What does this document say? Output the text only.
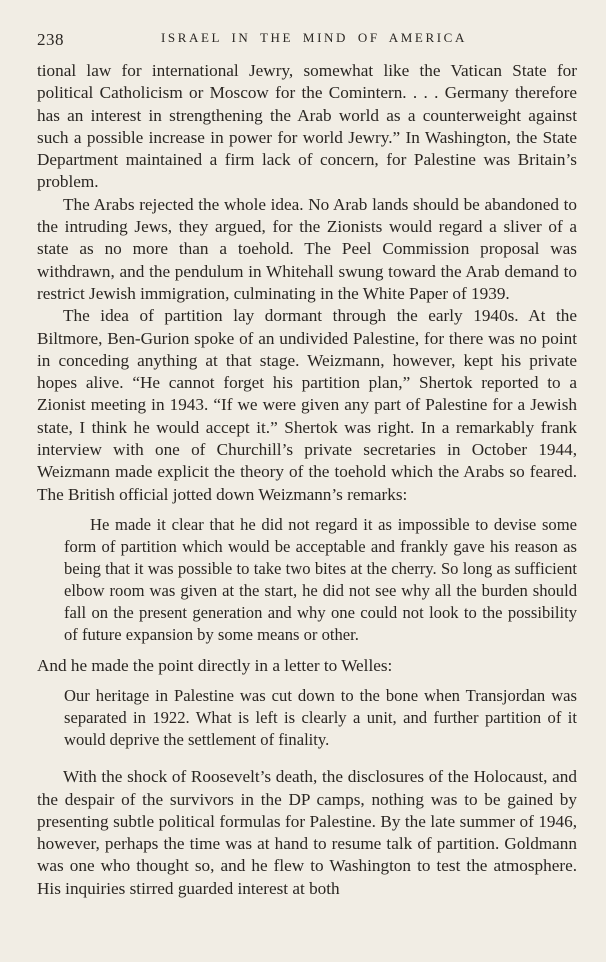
238	ISRAEL IN THE MIND OF AMERICA

tional law for international Jewry, somewhat like the Vatican State for political Catholicism or Moscow for the Comintern. . . . Germany therefore has an interest in strengthening the Arab world as a counterweight against such a possible increase in power for world Jewry.” In Washington, the State Department maintained a firm lack of concern, for Palestine was Britain’s problem.

The Arabs rejected the whole idea. No Arab lands should be abandoned to the intruding Jews, they argued, for the Zionists would regard a sliver of a state as no more than a toehold. The Peel Commission proposal was withdrawn, and the pendulum in Whitehall swung toward the Arab demand to restrict Jewish immigration, culminating in the White Paper of 1939.

The idea of partition lay dormant through the early 1940s. At the Biltmore, Ben-Gurion spoke of an undivided Palestine, for there was no point in conceding anything at that stage. Weizmann, however, kept his private hopes alive. “He cannot forget his partition plan,” Shertok reported to a Zionist meeting in 1943. “If we were given any part of Palestine for a Jewish state, I think he would accept it.” Shertok was right. In a remarkably frank interview with one of Churchill’s private secretaries in October 1944, Weizmann made explicit the theory of the toehold which the Arabs so feared. The British official jotted down Weizmann’s remarks:

He made it clear that he did not regard it as impossible to devise some form of partition which would be acceptable and frankly gave his reason as being that it was possible to take two bites at the cherry. So long as sufficient elbow room was given at the start, he did not see why all the burden should fall on the present generation and why one could not look to the possibility of future expansion by some means or other.

And he made the point directly in a letter to Welles:

Our heritage in Palestine was cut down to the bone when Transjordan was separated in 1922. What is left is clearly a unit, and further partition of it would deprive the settlement of finality.

With the shock of Roosevelt’s death, the disclosures of the Holocaust, and the despair of the survivors in the DP camps, nothing was to be gained by presenting subtle political formulas for Palestine. By the late summer of 1946, however, perhaps the time was at hand to resume talk of partition. Goldmann was one who thought so, and he flew to Washington to test the atmosphere. His inquiries stirred guarded interest at both
